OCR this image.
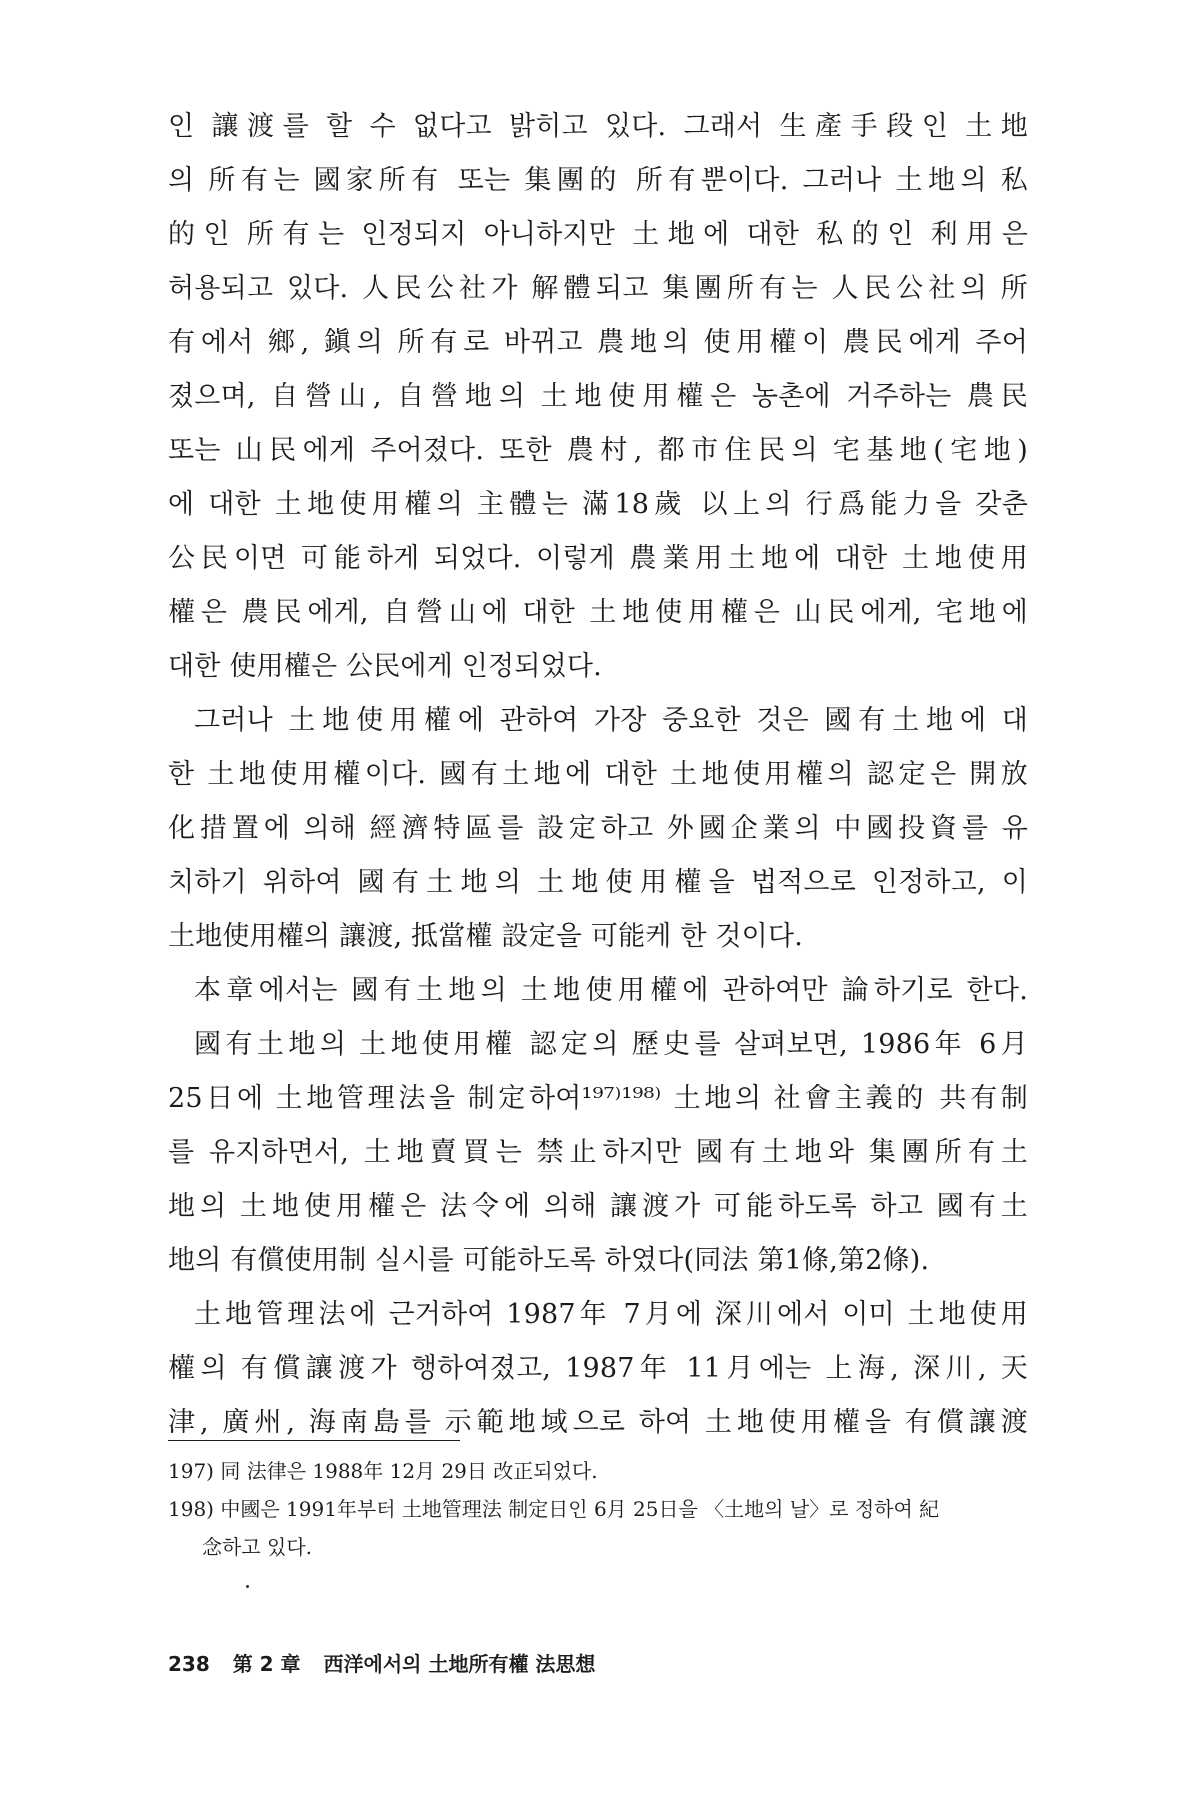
인 讓渡를 할 수 없다고 밝히고 있다. 그래서 生產手段인 土地
의 所有는 國家所有 또는 集團的 所有뿐이다. 그러나 土地의 私
的인 所有는 인정되지 아니하지만 土地에 대한 私的인 利用은
허용되고 있다. 人民公社가 解體되고 集團所有는 人民公社의 所
有에서 鄉, 鎭의 所有로 바뀌고 農地의 使用權이 農民에게 주어
졌으며, 自營山, 自營地의 土地使用權은 농촌에 거주하는 農民
또는 山民에게 주어졌다. 또한 農村, 都市住民의 宅基地(宅地)
에 대한 土地使用權의 主體는 滿18歲 以上의 行爲能力을 갖춘
公民이면 可能하게 되었다. 이렇게 農業用土地에 대한 土地使用
權은 農民에게, 自營山에 대한 土地使用權은 山民에게, 宅地에
대한 使用權은 公民에게 인정되었다.
그러나 土地使用權에 관하여 가장 중요한 것은 國有土地에 대
한 土地使用權이다. 國有土地에 대한 土地使用權의 認定은 開放
化措置에 의해 經濟特區를 設定하고 外國企業의 中國投資를 유
치하기 위하여 國有土地의 土地使用權을 법적으로 인정하고, 이
土地使用權의 讓渡, 抵當權 設定을 可能케 한 것이다.
本章에서는 國有土地의 土地使用權에 관하여만 論하기로 한다.
國有土地의 土地使用權 認定의 歷史를 살펴보면, 1986年 6月
25日에 土地管理法을 制定하여¹⁹⁷⁾¹⁹⁸⁾ 土地의 社會主義的 共有制
를 유지하면서, 土地賣買는 禁止하지만 國有土地와 集團所有土
地의 土地使用權은 法令에 의해 讓渡가 可能하도록 하고 國有土
地의 有償使用制 실시를 可能하도록 하였다(同法 第1條,第2條).
土地管理法에 근거하여 1987年 7月에 深川에서 이미 土地使用
權의 有償讓渡가 행하여졌고, 1987年 11月에는 上海, 深川, 天
津, 廣州, 海南島를 示範地域으로 하여 土地使用權을 有償讓渡
197) 同 法律은 1988年 12月 29日 改正되었다.
198) 中國은 1991年부터 土地管理法 制定日인 6月 25日을 〈土地의 날〉로 정하여 紀
念하고 있다.
238 第 2 章 西洋에서의 土地所有權 法思想
